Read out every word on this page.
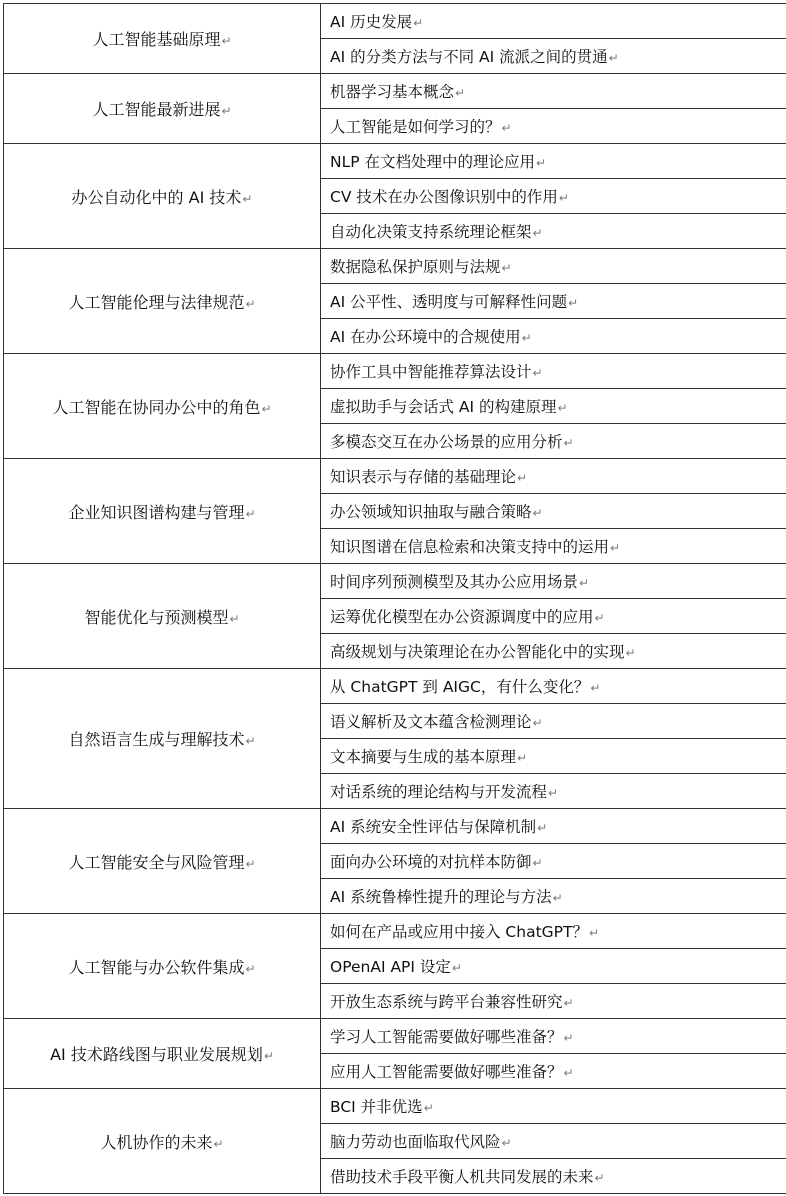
人工智能基础原理↵	AI 历史发展↵
	AI 的分类方法与不同 AI 流派之间的贯通↵
人工智能最新进展↵	机器学习基本概念↵
	人工智能是如何学习的？↵
办公自动化中的 AI 技术↵	NLP 在文档处理中的理论应用↵
	CV 技术在办公图像识别中的作用↵
	自动化决策支持系统理论框架↵
人工智能伦理与法律规范↵	数据隐私保护原则与法规↵
	AI 公平性、透明度与可解释性问题↵
	AI 在办公环境中的合规使用↵
人工智能在协同办公中的角色↵	协作工具中智能推荐算法设计↵
	虚拟助手与会话式 AI 的构建原理↵
	多模态交互在办公场景的应用分析↵
企业知识图谱构建与管理↵	知识表示与存储的基础理论↵
	办公领域知识抽取与融合策略↵
	知识图谱在信息检索和决策支持中的运用↵
智能优化与预测模型↵	时间序列预测模型及其办公应用场景↵
	运筹优化模型在办公资源调度中的应用↵
	高级规划与决策理论在办公智能化中的实现↵
自然语言生成与理解技术↵	从 ChatGPT 到 AIGC，有什么变化？↵
	语义解析及文本蕴含检测理论↵
	文本摘要与生成的基本原理↵
	对话系统的理论结构与开发流程↵
人工智能安全与风险管理↵	AI 系统安全性评估与保障机制↵
	面向办公环境的对抗样本防御↵
	AI 系统鲁棒性提升的理论与方法↵
人工智能与办公软件集成↵	如何在产品或应用中接入 ChatGPT？↵
	OPenAI API 设定↵
	开放生态系统与跨平台兼容性研究↵
AI 技术路线图与职业发展规划↵	学习人工智能需要做好哪些准备？↵
	应用人工智能需要做好哪些准备？↵
人机协作的未来↵	BCI 并非优选↵
	脑力劳动也面临取代风险↵
	借助技术手段平衡人机共同发展的未来↵
